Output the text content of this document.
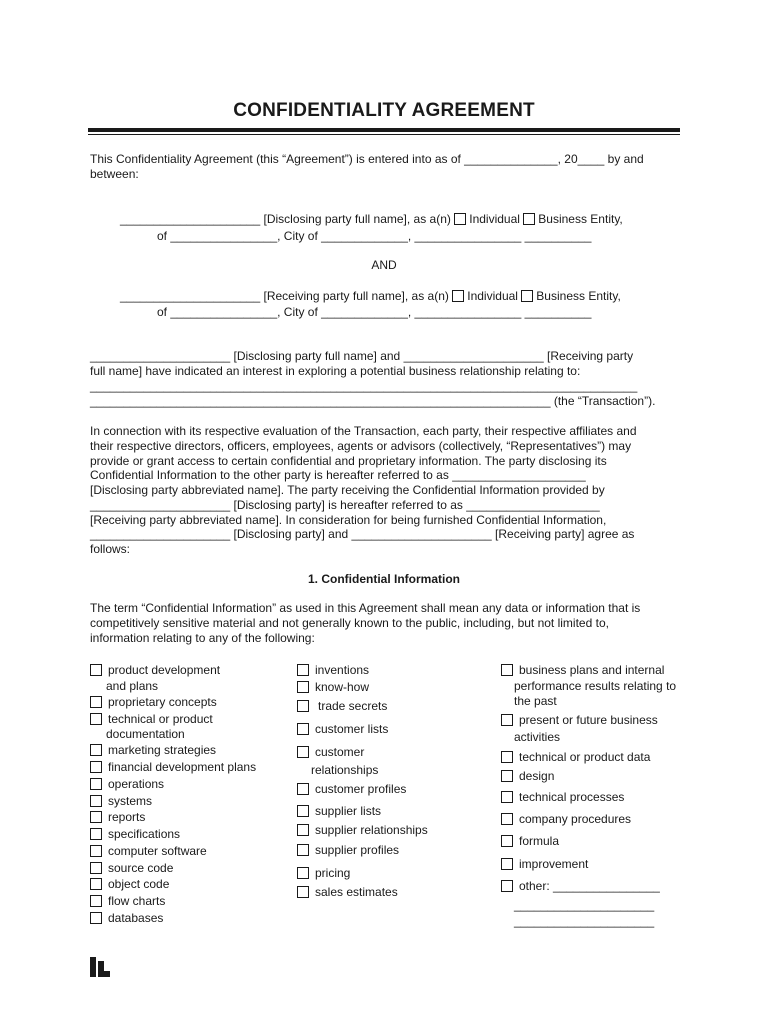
CONFIDENTIALITY AGREEMENT
This Confidentiality Agreement (this “Agreement”) is entered into as of ______________, 20____ by and
between:
_____________________ [Disclosing party full name], as a(n) Individual Business Entity,
of ________________, City of _____________, ________________ __________
AND
_____________________ [Receiving party full name], as a(n) Individual Business Entity,
of ________________, City of _____________, ________________ __________
_____________________ [Disclosing party full name] and _____________________ [Receiving party
full name] have indicated an interest in exploring a potential business relationship relating to:
__________________________________________________________________________________
_____________________________________________________________________ (the “Transaction”).
In connection with its respective evaluation of the Transaction, each party, their respective affiliates and
their respective directors, officers, employees, agents or advisors (collectively, “Representatives”) may
provide or grant access to certain confidential and proprietary information. The party disclosing its
Confidential Information to the other party is hereafter referred to as ____________________
[Disclosing party abbreviated name]. The party receiving the Confidential Information provided by
_____________________ [Disclosing party] is hereafter referred to as ____________________
[Receiving party abbreviated name]. In consideration for being furnished Confidential Information,
_____________________ [Disclosing party] and _____________________ [Receiving party] agree as
follows:
1. Confidential Information
The term “Confidential Information” as used in this Agreement shall mean any data or information that is
competitively sensitive material and not generally known to the public, including, but not limited to,
information relating to any of the following:
product development
and plans
proprietary concepts
technical or product
documentation
marketing strategies
financial development plans
operations
systems
reports
specifications
computer software
source code
object code
flow charts
databases
inventions
know-how
trade secrets
customer lists
customer
relationships
customer profiles
supplier lists
supplier relationships
supplier profiles
pricing
sales estimates
business plans and internal
performance results relating to
the past
present or future business
activities
technical or product data
design
technical processes
company procedures
formula
improvement
other: ________________
_____________________
_____________________
